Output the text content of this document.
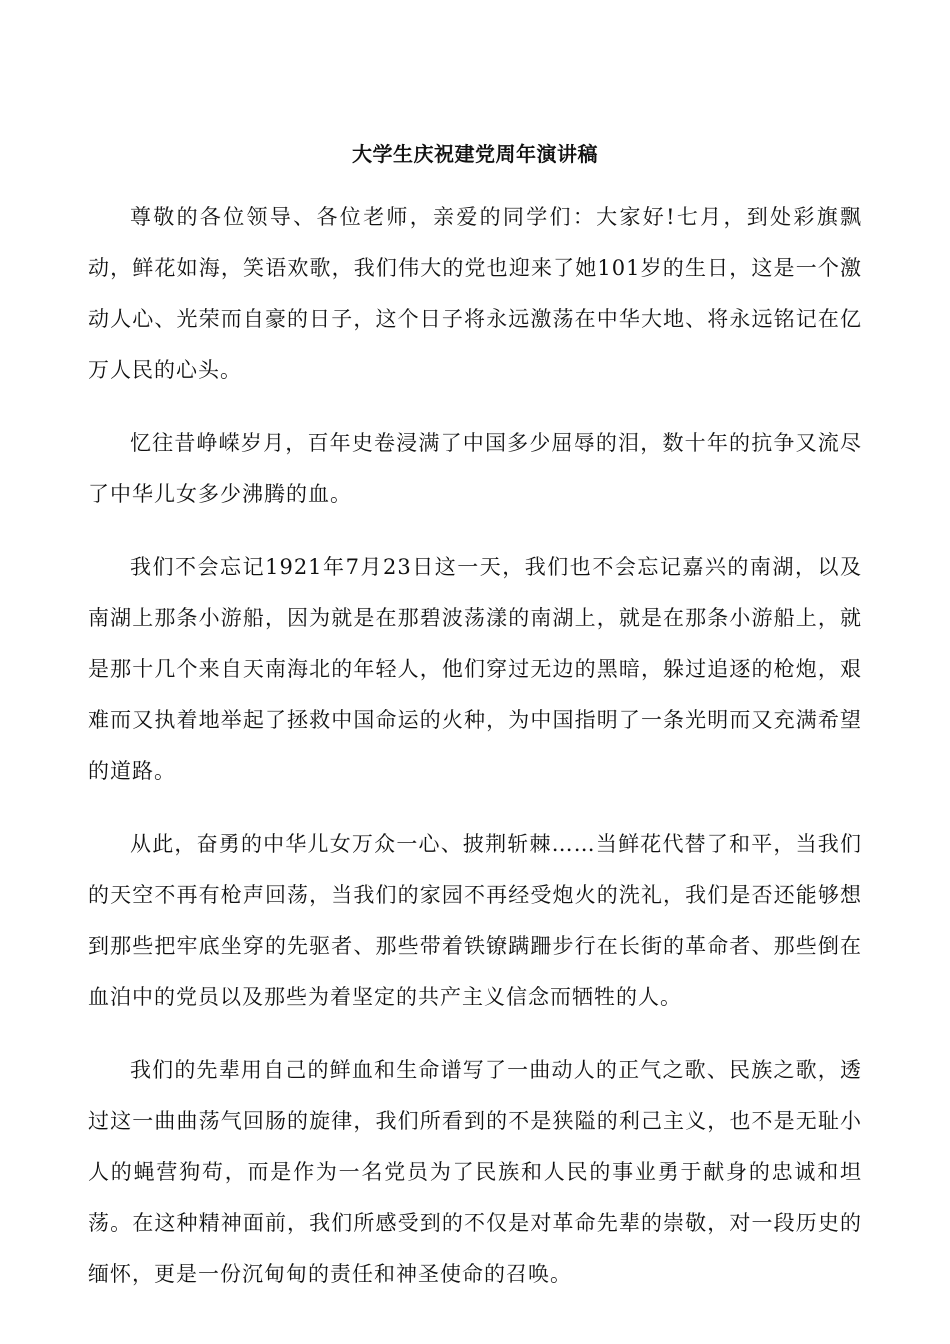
大学生庆祝建党周年演讲稿

尊敬的各位领导、各位老师，亲爱的同学们：大家好!七月，到处彩旗飘动，鲜花如海，笑语欢歌，我们伟大的党也迎来了她101岁的生日，这是一个激动人心、光荣而自豪的日子，这个日子将永远激荡在中华大地、将永远铭记在亿万人民的心头。

忆往昔峥嵘岁月，百年史卷浸满了中国多少屈辱的泪，数十年的抗争又流尽了中华儿女多少沸腾的血。

我们不会忘记1921年7月23日这一天，我们也不会忘记嘉兴的南湖，以及南湖上那条小游船，因为就是在那碧波荡漾的南湖上，就是在那条小游船上，就是那十几个来自天南海北的年轻人，他们穿过无边的黑暗，躲过追逐的枪炮，艰难而又执着地举起了拯救中国命运的火种，为中国指明了一条光明而又充满希望的道路。

从此，奋勇的中华儿女万众一心、披荆斩棘……当鲜花代替了和平，当我们的天空不再有枪声回荡，当我们的家园不再经受炮火的洗礼，我们是否还能够想到那些把牢底坐穿的先驱者、那些带着铁镣蹒跚步行在长街的革命者、那些倒在血泊中的党员以及那些为着坚定的共产主义信念而牺牲的人。

我们的先辈用自己的鲜血和生命谱写了一曲动人的正气之歌、民族之歌，透过这一曲曲荡气回肠的旋律，我们所看到的不是狭隘的利己主义，也不是无耻小人的蝇营狗苟，而是作为一名党员为了民族和人民的事业勇于献身的忠诚和坦荡。在这种精神面前，我们所感受到的不仅是对革命先辈的崇敬，对一段历史的缅怀，更是一份沉甸甸的责任和神圣使命的召唤。
